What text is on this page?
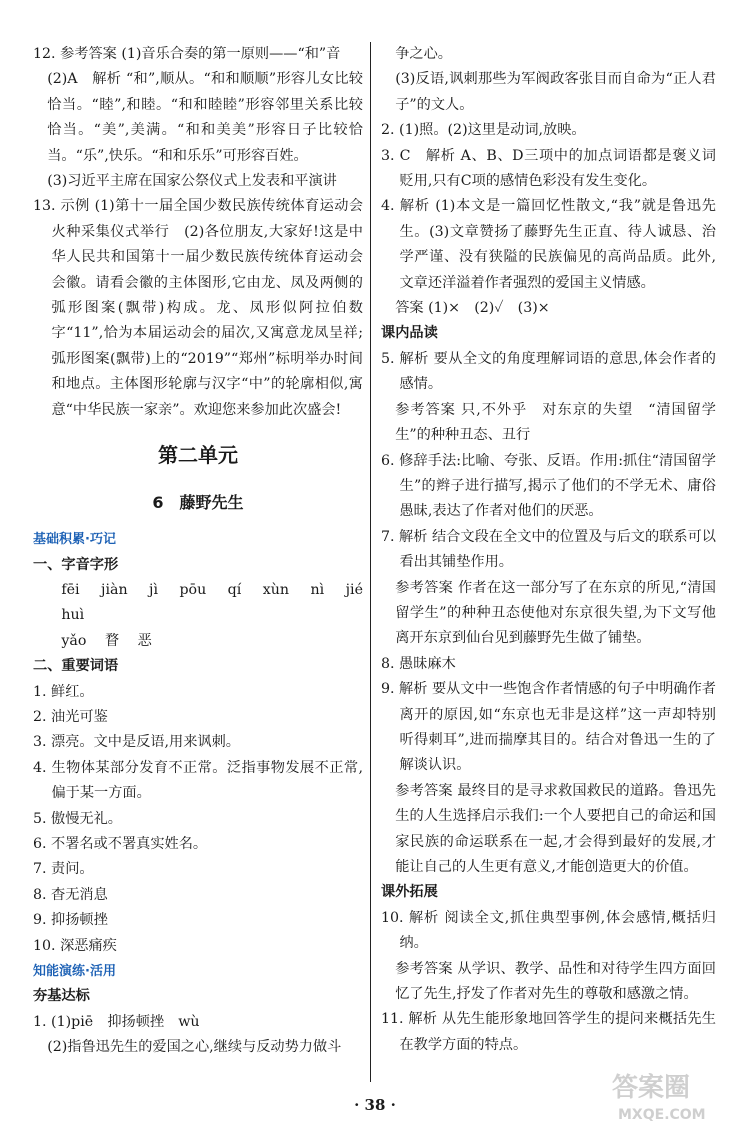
12. 参考答案 (1)音乐合奏的第一原则——“和”音

(2)A　解析 “和”,顺从。“和和顺顺”形容儿女比较恰当。“睦”,和睦。“和和睦睦”形容邻里关系比较恰当。“美”,美满。“和和美美”形容日子比较恰当。“乐”,快乐。“和和乐乐”可形容百姓。

(3)习近平主席在国家公祭仪式上发表和平演讲

13. 示例 (1)第十一届全国少数民族传统体育运动会火种采集仪式举行　(2)各位朋友,大家好!这是中华人民共和国第十一届少数民族传统体育运动会会徽。请看会徽的主体图形,它由龙、凤及两侧的弧形图案(飘带)构成。龙、凤形似阿拉伯数字“11”,恰为本届运动会的届次,又寓意龙凤呈祥;弧形图案(飘带)上的“2019”“郑州”标明举办时间和地点。主体图形轮廓与汉字“中”的轮廓相似,寓意“中华民族一家亲”。欢迎您来参加此次盛会!

第二单元
6　藤野先生
基础积累·巧记

一、字音字形

fēi jiàn jì pōu qí xùn nì jié huì

yǎo 瞀 恶

二、重要词语

1. 鲜红。

2. 油光可鉴

3. 漂亮。文中是反语,用来讽刺。

4. 生物体某部分发育不正常。泛指事物发展不正常,偏于某一方面。

5. 傲慢无礼。

6. 不署名或不署真实姓名。

7. 责问。

8. 杳无消息

9. 抑扬顿挫

10. 深恶痛疾

知能演练·活用

夯基达标

1. (1)piē　抑扬顿挫　wù

(2)指鲁迅先生的爱国之心,继续与反动势力做斗

争之心。

(3)反语,讽刺那些为军阀政客张目而自命为“正人君子”的文人。

2. (1)照。(2)这里是动词,放映。

3. C　解析 A、B、D三项中的加点词语都是褒义词贬用,只有C项的感情色彩没有发生变化。

4. 解析 (1)本文是一篇回忆性散文,“我”就是鲁迅先生。(3)文章赞扬了藤野先生正直、待人诚恳、治学严谨、没有狭隘的民族偏见的高尚品质。此外,文章还洋溢着作者强烈的爱国主义情感。

答案 (1)×　(2)✓　(3)×

课内品读

5. 解析 要从全文的角度理解词语的意思,体会作者的感情。

参考答案 只,不外乎　对东京的失望　“清国留学生”的种种丑态、丑行

6. 修辞手法:比喻、夸张、反语。作用:抓住“清国留学生”的辫子进行描写,揭示了他们的不学无术、庸俗愚昧,表达了作者对他们的厌恶。

7. 解析 结合文段在全文中的位置及与后文的联系可以看出其铺垫作用。

参考答案 作者在这一部分写了在东京的所见,“清国留学生”的种种丑态使他对东京很失望,为下文写他离开东京到仙台见到藤野先生做了铺垫。

8. 愚昧麻木

9. 解析 要从文中一些饱含作者情感的句子中明确作者离开的原因,如“东京也无非是这样”这一声却特别听得刺耳”,进而揣摩其目的。结合对鲁迅一生的了解谈认识。

参考答案 最终目的是寻求救国救民的道路。鲁迅先生的人生选择启示我们:一个人要把自己的命运和国家民族的命运联系在一起,才会得到最好的发展,才能让自己的人生更有意义,才能创造更大的价值。

课外拓展

10. 解析 阅读全文,抓住典型事例,体会感情,概括归纳。

参考答案 从学识、教学、品性和对待学生四方面回忆了先生,抒发了作者对先生的尊敬和感激之情。

11. 解析 从先生能形象地回答学生的提问来概括先生在教学方面的特点。

· 38 ·
答案圈
MXQE.COM
